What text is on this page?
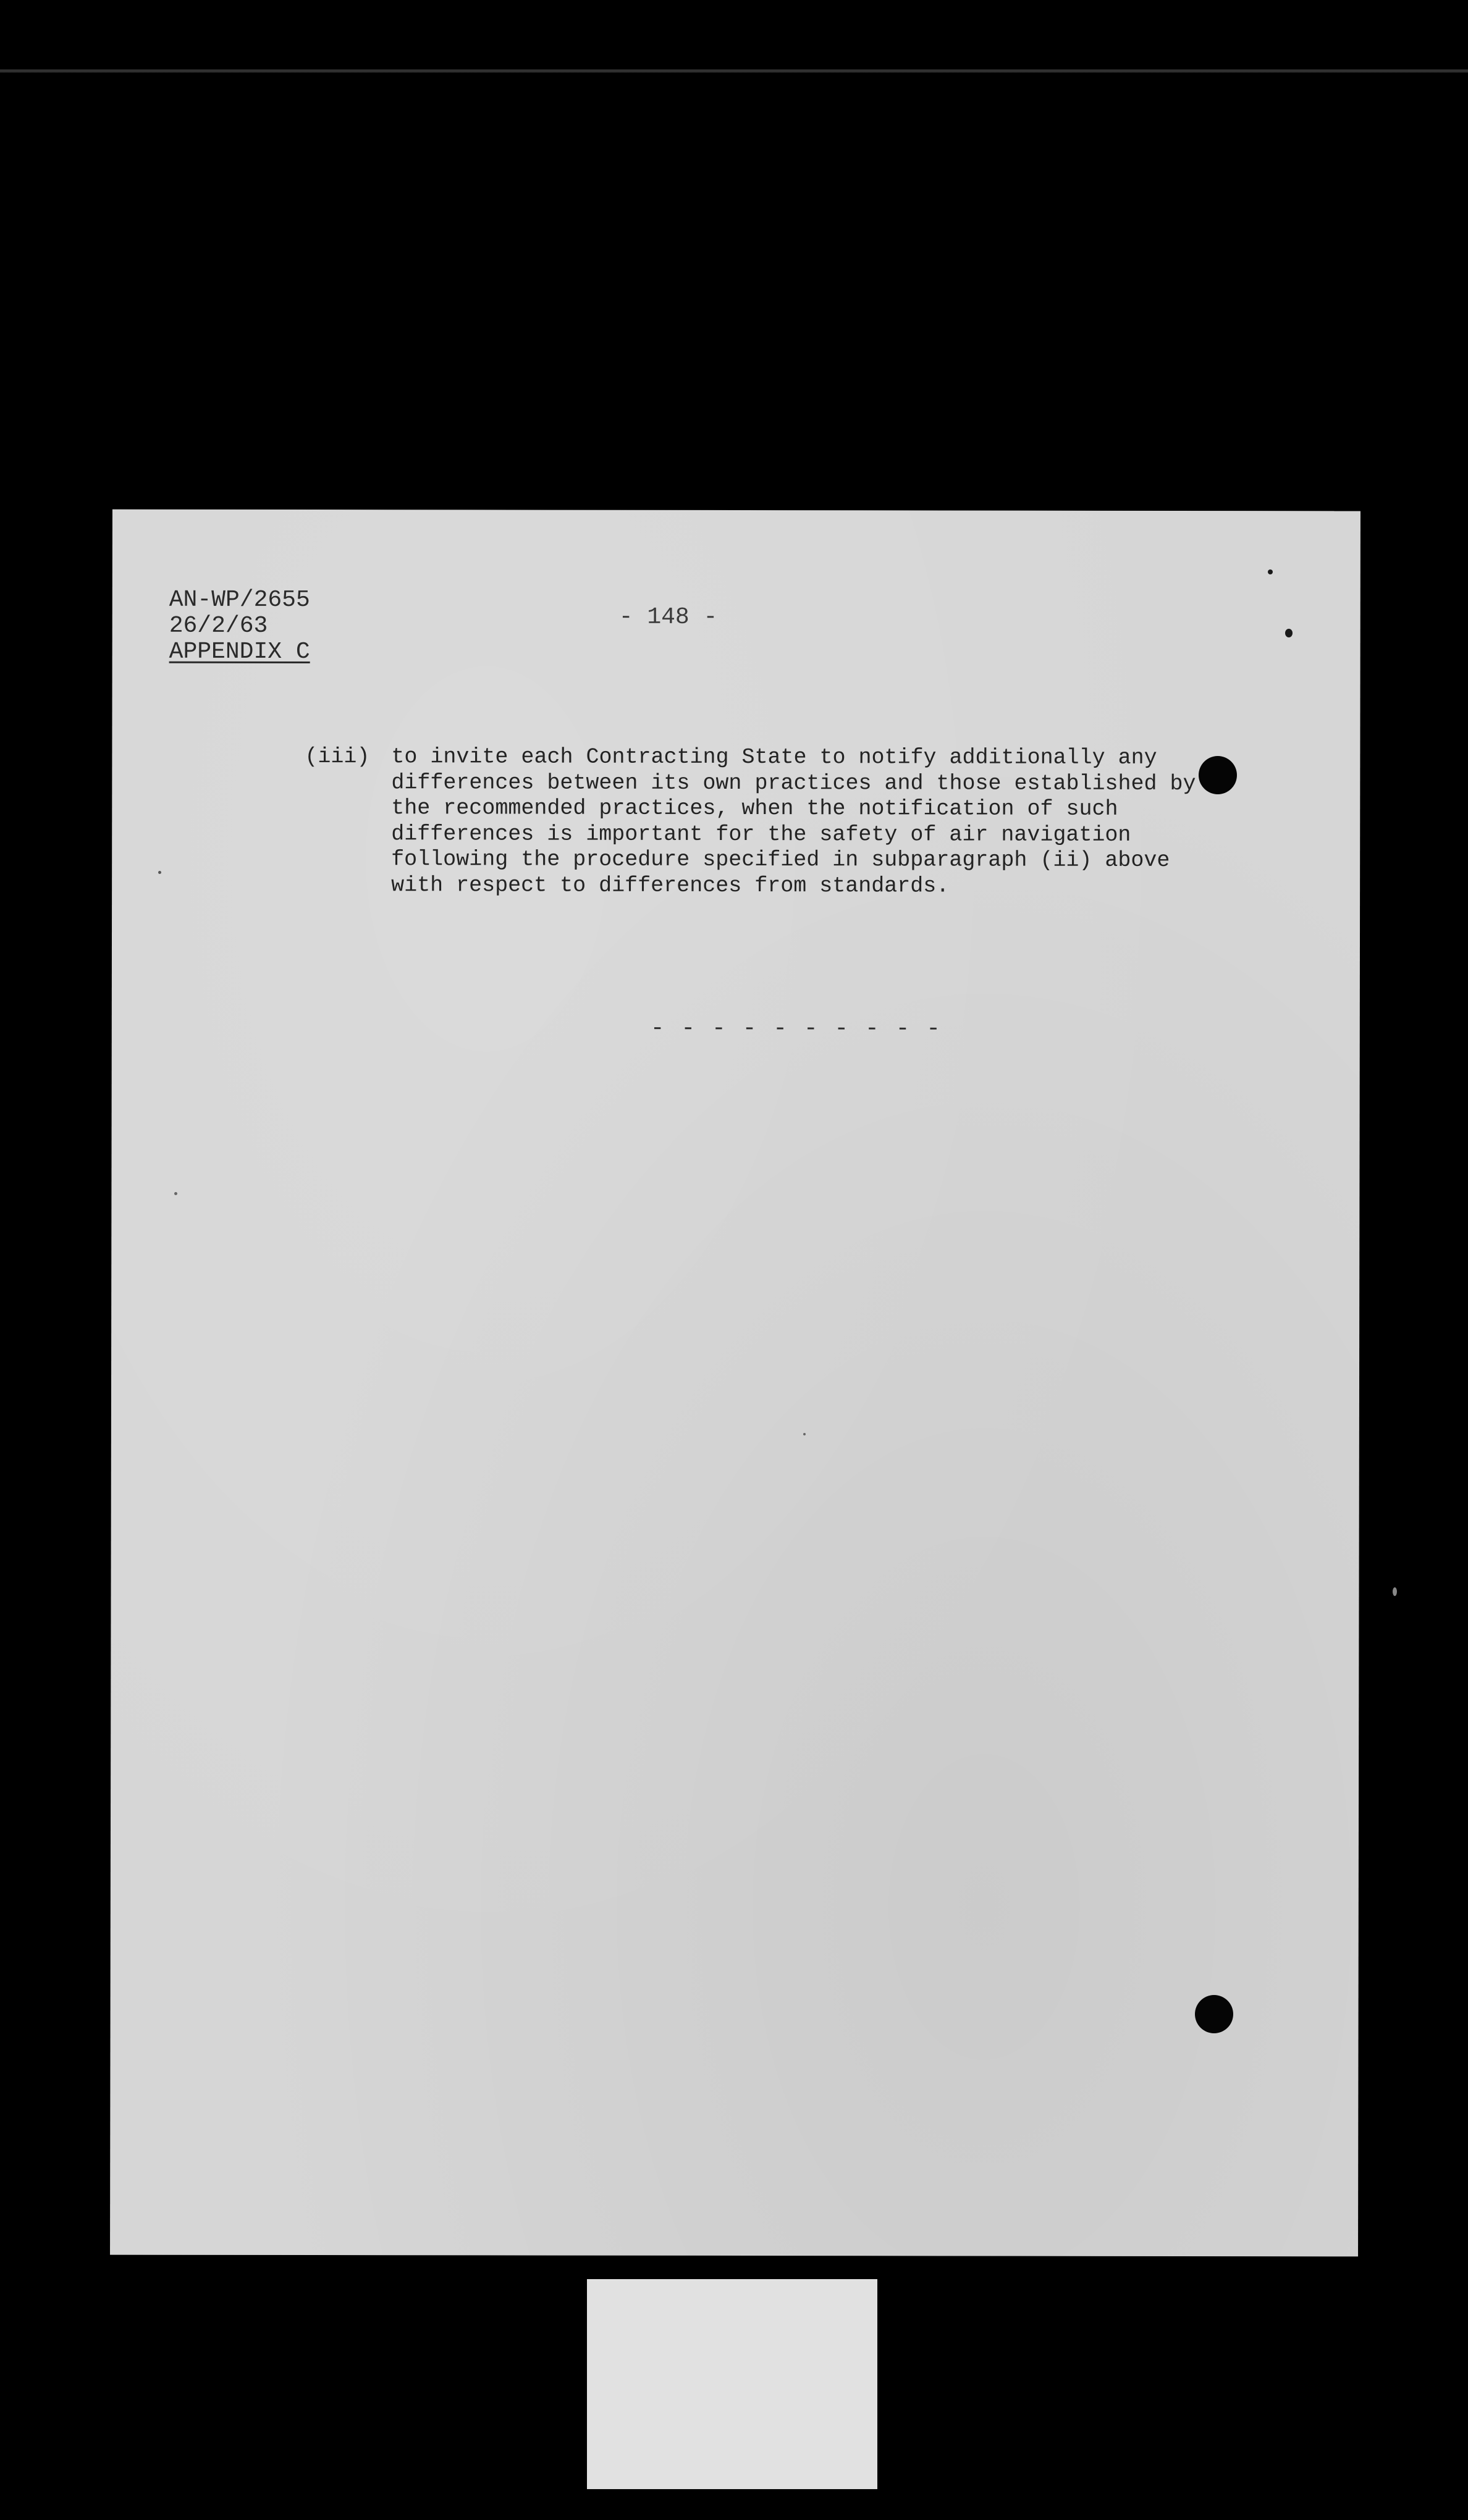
AN-WP/2655
26/2/63
APPENDIX C
- 148 -
(iii) to invite each Contracting State to notify additionally any
differences between its own practices and those established by
the recommended practices, when the notification of such
differences is important for the safety of air navigation
following the procedure specified in subparagraph (ii) above
with respect to differences from standards.
- - - - - - - - - -
